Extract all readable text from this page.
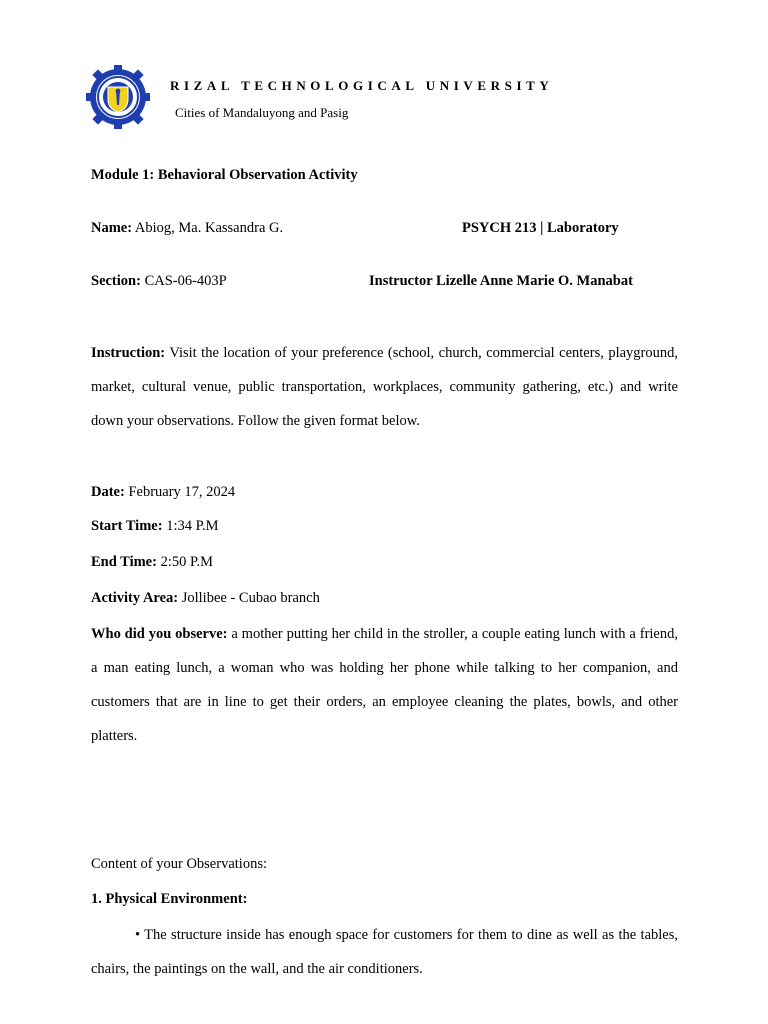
RIZAL TECHNOLOGICAL UNIVERSITY
Cities of Mandaluyong and Pasig
Module 1: Behavioral Observation Activity
Name: Abiog, Ma. Kassandra G.	PSYCH 213 | Laboratory
Section: CAS-06-403P	Instructor Lizelle Anne Marie O. Manabat
Instruction: Visit the location of your preference (school, church, commercial centers, playground, market, cultural venue, public transportation, workplaces, community gathering, etc.) and write down your observations. Follow the given format below.
Date: February 17, 2024
Start Time: 1:34 P.M
End Time: 2:50 P.M
Activity Area: Jollibee - Cubao branch
Who did you observe: a mother putting her child in the stroller, a couple eating lunch with a friend, a man eating lunch, a woman who was holding her phone while talking to her companion, and customers that are in line to get their orders, an employee cleaning the plates, bowls, and other platters.
Content of your Observations:
1. Physical Environment:
• The structure inside has enough space for customers for them to dine as well as the tables, chairs, the paintings on the wall, and the air conditioners.
